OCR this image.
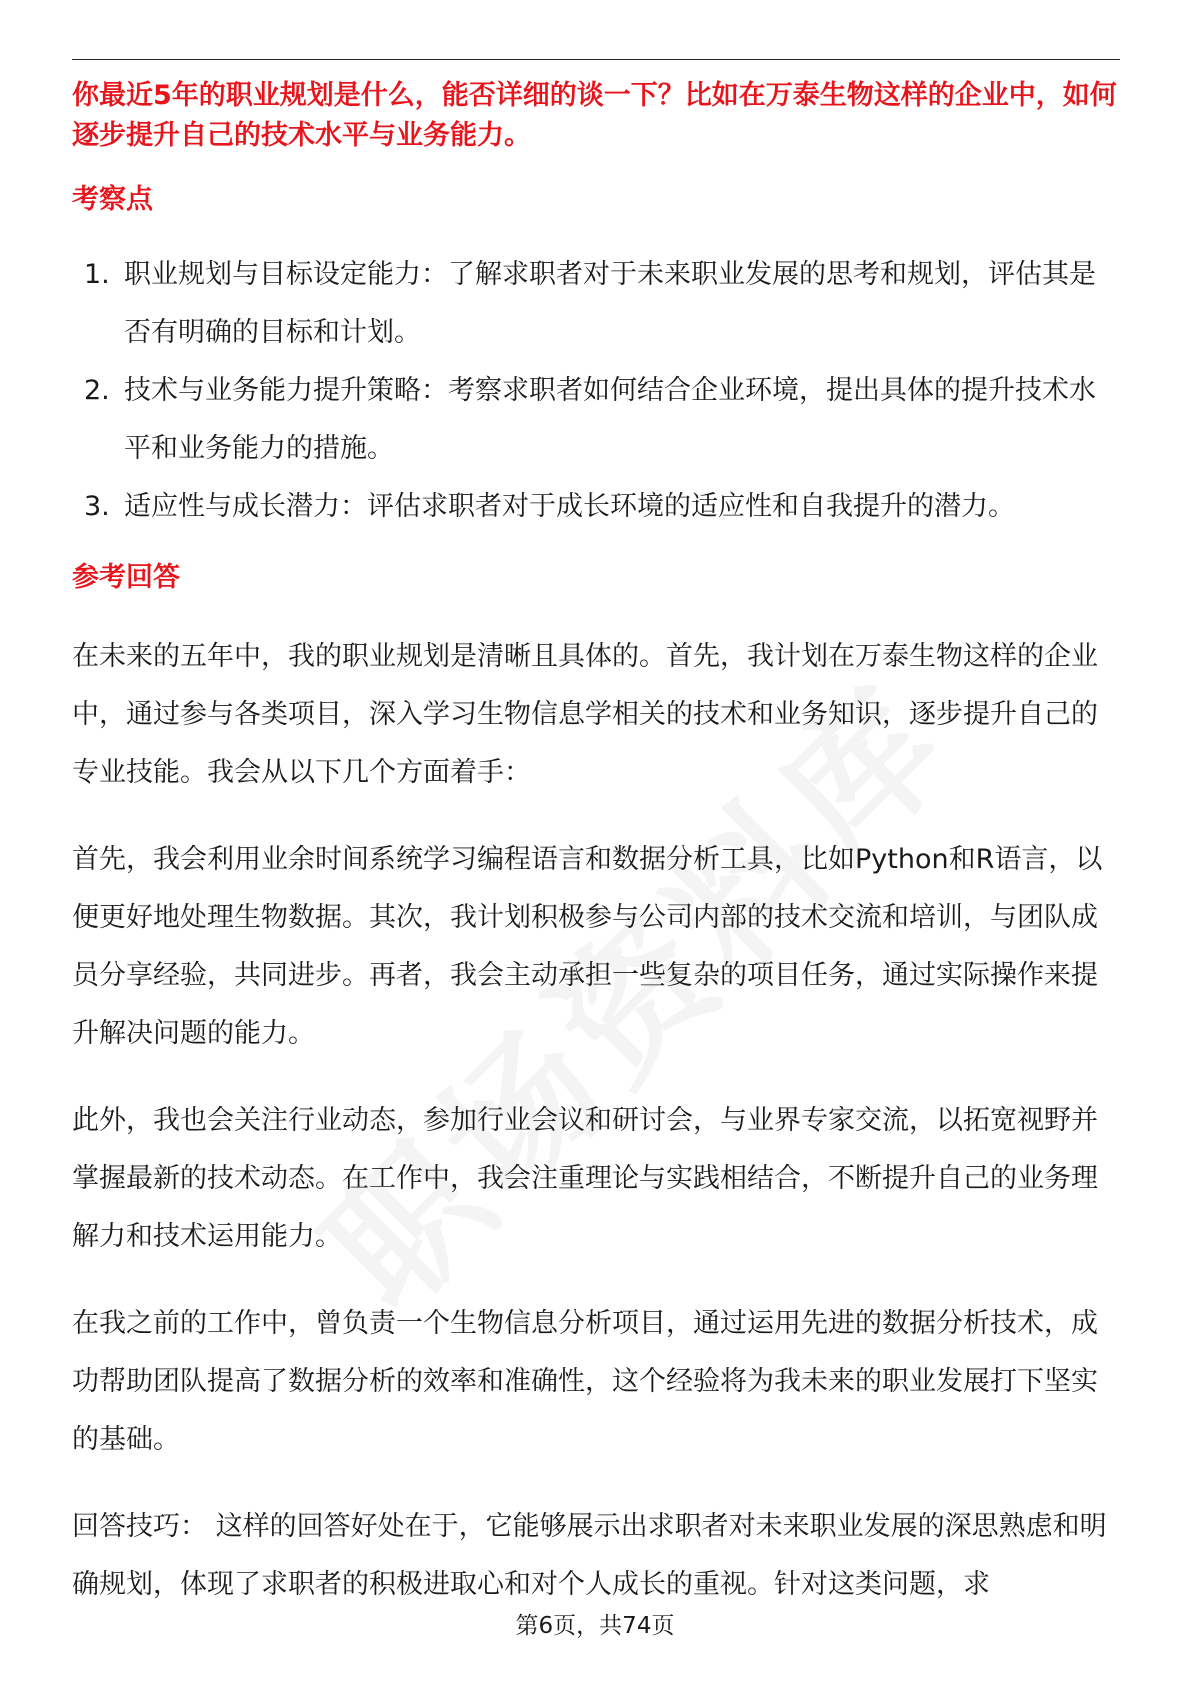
你最近5年的职业规划是什么，能否详细的谈一下？比如在万泰生物这样的企业中，如何逐步提升自己的技术水平与业务能力。

考察点
1. 职业规划与目标设定能力：了解求职者对于未来职业发展的思考和规划，评估其是否有明确的目标和计划。
2. 技术与业务能力提升策略：考察求职者如何结合企业环境，提出具体的提升技术水平和业务能力的措施。
3. 适应性与成长潜力：评估求职者对于成长环境的适应性和自我提升的潜力。
参考回答

在未来的五年中，我的职业规划是清晰且具体的。首先，我计划在万泰生物这样的企业中，通过参与各类项目，深入学习生物信息学相关的技术和业务知识，逐步提升自己的专业技能。我会从以下几个方面着手：

首先，我会利用业余时间系统学习编程语言和数据分析工具，比如Python和R语言，以便更好地处理生物数据。其次，我计划积极参与公司内部的技术交流和培训，与团队成员分享经验，共同进步。再者，我会主动承担一些复杂的项目任务，通过实际操作来提升解决问题的能力。

此外，我也会关注行业动态，参加行业会议和研讨会，与业界专家交流，以拓宽视野并掌握最新的技术动态。在工作中，我会注重理论与实践相结合，不断提升自己的业务理解力和技术运用能力。

在我之前的工作中，曾负责一个生物信息分析项目，通过运用先进的数据分析技术，成功帮助团队提高了数据分析的效率和准确性，这个经验将为我未来的职业发展打下坚实的基础。

回答技巧： 这样的回答好处在于，它能够展示出求职者对未来职业发展的深思熟虑和明确规划，体现了求职者的积极进取心和对个人成长的重视。针对这类问题，求

第6页，共74页
